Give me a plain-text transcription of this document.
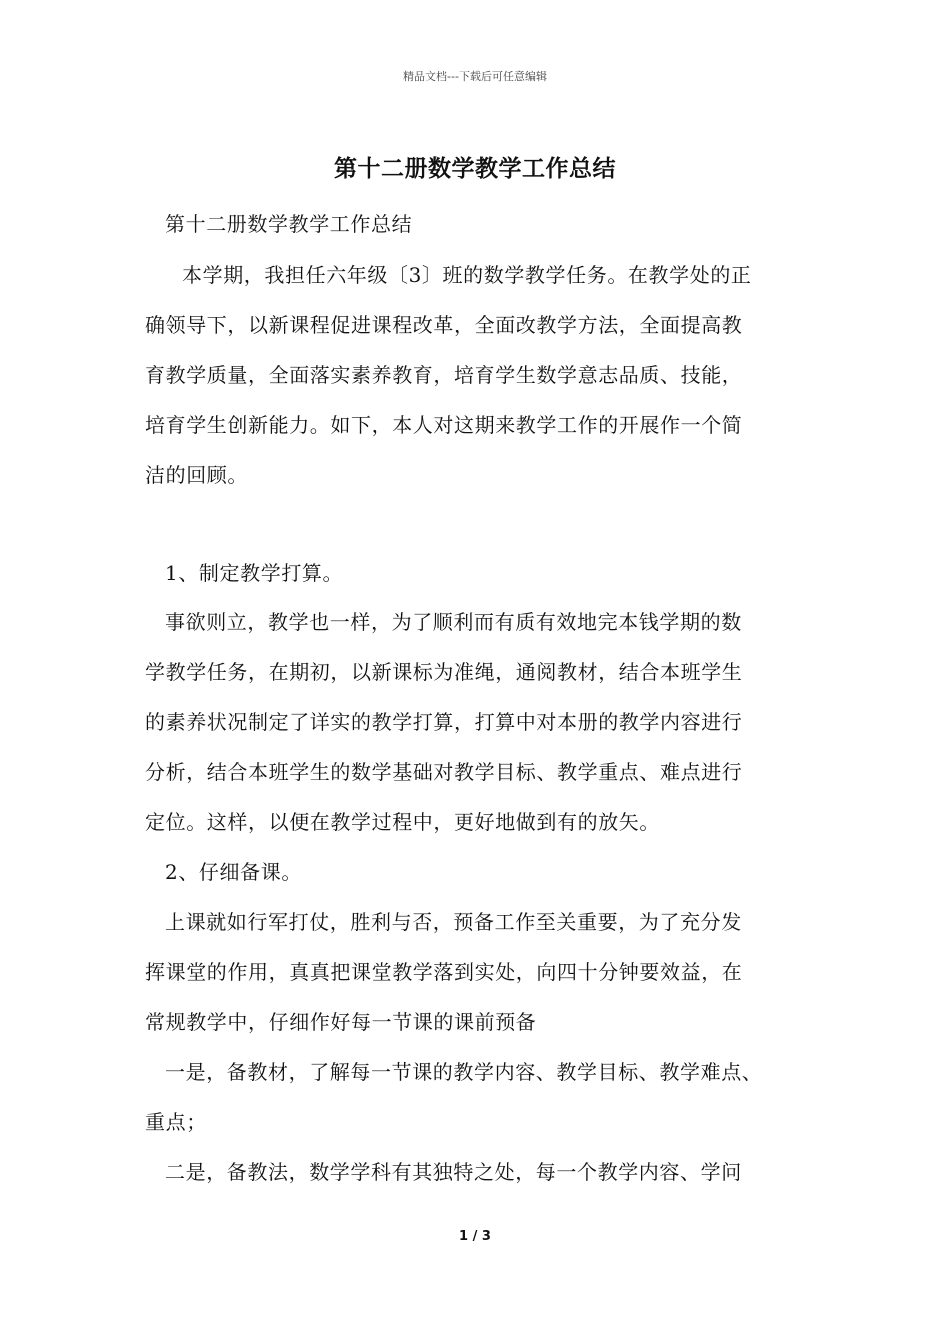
精品文档---下载后可任意编辑
第十二册数学教学工作总结
第十二册数学教学工作总结
本学期，我担任六年级〔3〕班的数学教学任务。在教学处的正
确领导下，以新课程促进课程改革，全面改教学方法，全面提高教
育教学质量，全面落实素养教育，培育学生数学意志品质、技能，
培育学生创新能力。如下，本人对这期来教学工作的开展作一个简
洁的回顾。
1、制定教学打算。
事欲则立，教学也一样，为了顺利而有质有效地完本钱学期的数
学教学任务，在期初，以新课标为准绳，通阅教材，结合本班学生
的素养状况制定了详实的教学打算，打算中对本册的教学内容进行
分析，结合本班学生的数学基础对教学目标、教学重点、难点进行
定位。这样，以便在教学过程中，更好地做到有的放矢。
2、仔细备课。
上课就如行军打仗，胜利与否，预备工作至关重要，为了充分发
挥课堂的作用，真真把课堂教学落到实处，向四十分钟要效益，在
常规教学中，仔细作好每一节课的课前预备
一是，备教材，了解每一节课的教学内容、教学目标、教学难点、
重点；
二是，备教法，数学学科有其独特之处，每一个教学内容、学问
1 / 3
